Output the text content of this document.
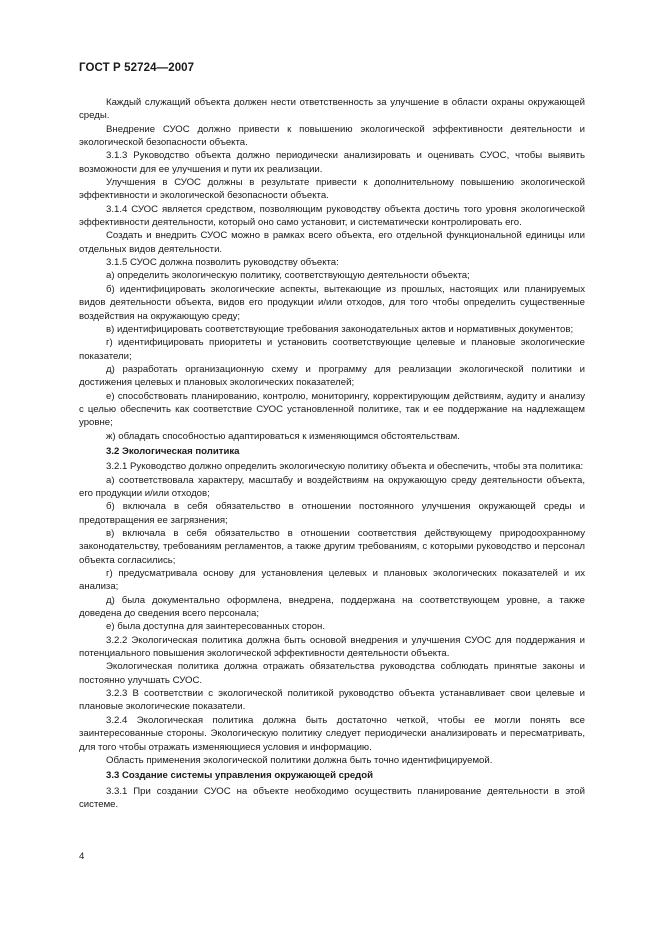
ГОСТ Р 52724—2007

Каждый служащий объекта должен нести ответственность за улучшение в области охраны окружающей среды.

Внедрение СУОС должно привести к повышению экологической эффективности деятельности и экологической безопасности объекта.

3.1.3 Руководство объекта должно периодически анализировать и оценивать СУОС, чтобы выявить возможности для ее улучшения и пути их реализации.

Улучшения в СУОС должны в результате привести к дополнительному повышению экологической эффективности и экологической безопасности объекта.

3.1.4 СУОС является средством, позволяющим руководству объекта достичь того уровня экологической эффективности деятельности, который оно само установит, и систематически контролировать его.

Создать и внедрить СУОС можно в рамках всего объекта, его отдельной функциональной единицы или отдельных видов деятельности.

3.1.5 СУОС должна позволить руководству объекта:

а) определить экологическую политику, соответствующую деятельности объекта;

б) идентифицировать экологические аспекты, вытекающие из прошлых, настоящих или планируемых видов деятельности объекта, видов его продукции и/или отходов, для того чтобы определить существенные воздействия на окружающую среду;

в) идентифицировать соответствующие требования законодательных актов и нормативных документов;

г) идентифицировать приоритеты и установить соответствующие целевые и плановые экологические показатели;

д) разработать организационную схему и программу для реализации экологической политики и достижения целевых и плановых экологических показателей;

е) способствовать планированию, контролю, мониторингу, корректирующим действиям, аудиту и анализу с целью обеспечить как соответствие СУОС установленной политике, так и ее поддержание на надлежащем уровне;

ж) обладать способностью адаптироваться к изменяющимся обстоятельствам.

3.2 Экологическая политика

3.2.1 Руководство должно определить экологическую политику объекта и обеспечить, чтобы эта политика:

а) соответствовала характеру, масштабу и воздействиям на окружающую среду деятельности объекта, его продукции и/или отходов;

б) включала в себя обязательство в отношении постоянного улучшения окружающей среды и предотвращения ее загрязнения;

в) включала в себя обязательство в отношении соответствия действующему природоохранному законодательству, требованиям регламентов, а также другим требованиям, с которыми руководство и персонал объекта согласились;

г) предусматривала основу для установления целевых и плановых экологических показателей и их анализа;

д) была документально оформлена, внедрена, поддержана на соответствующем уровне, а также доведена до сведения всего персонала;

е) была доступна для заинтересованных сторон.

3.2.2 Экологическая политика должна быть основой внедрения и улучшения СУОС для поддержания и потенциального повышения экологической эффективности деятельности объекта.

Экологическая политика должна отражать обязательства руководства соблюдать принятые законы и постоянно улучшать СУОС.

3.2.3 В соответствии с экологической политикой руководство объекта устанавливает свои целевые и плановые экологические показатели.

3.2.4 Экологическая политика должна быть достаточно четкой, чтобы ее могли понять все заинтересованные стороны. Экологическую политику следует периодически анализировать и пересматривать, для того чтобы отражать изменяющиеся условия и информацию.

Область применения экологической политики должна быть точно идентифицируемой.

3.3 Создание системы управления окружающей средой

3.3.1 При создании СУОС на объекте необходимо осуществить планирование деятельности в этой системе.

4
